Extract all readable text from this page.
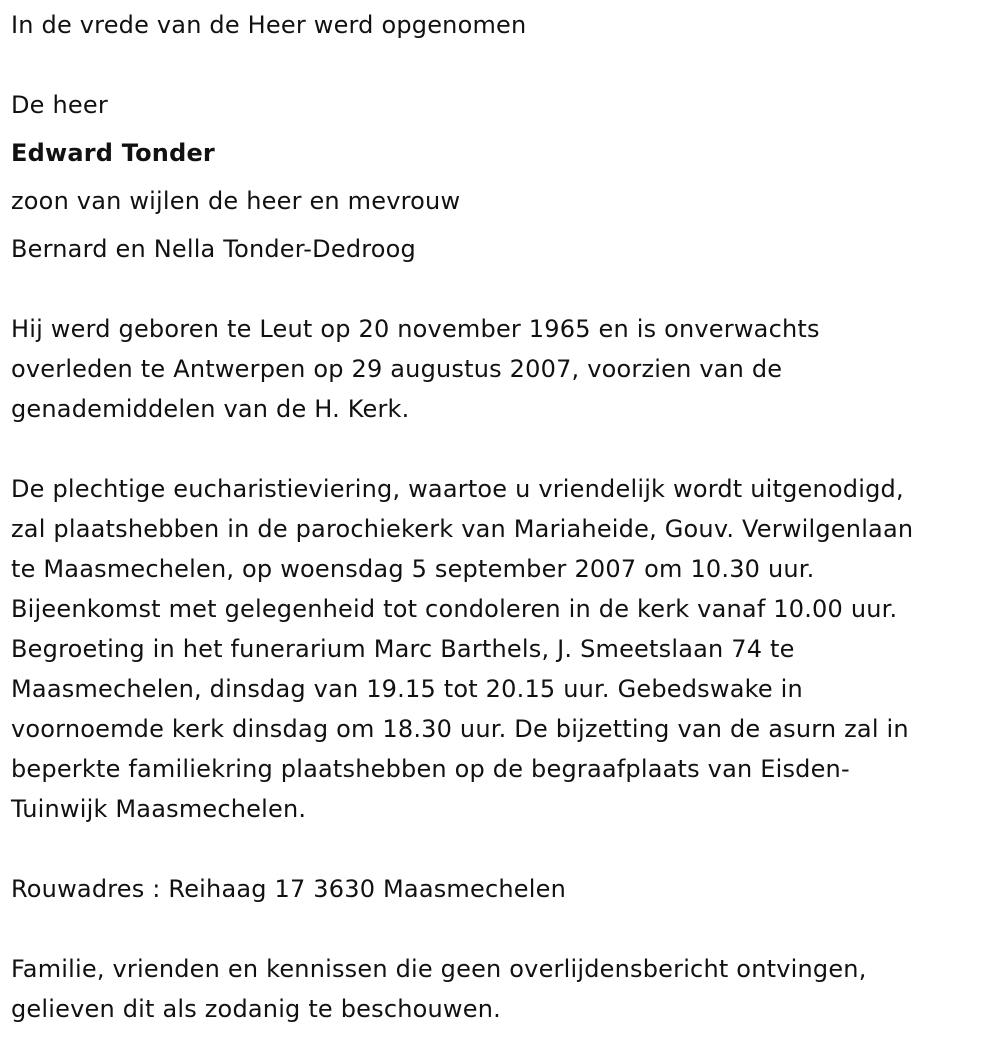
In de vrede van de Heer werd opgenomen
De heer
Edward Tonder
zoon van wijlen de heer en mevrouw
Bernard en Nella Tonder-Dedroog
Hij werd geboren te Leut op 20 november 1965 en is onverwachts
overleden te Antwerpen op 29 augustus 2007, voorzien van de
genademiddelen van de H. Kerk.
De plechtige eucharistieviering, waartoe u vriendelijk wordt uitgenodigd,
zal plaatshebben in de parochiekerk van Mariaheide, Gouv. Verwilgenlaan
te Maasmechelen, op woensdag 5 september 2007 om 10.30 uur.
Bijeenkomst met gelegenheid tot condoleren in de kerk vanaf 10.00 uur.
Begroeting in het funerarium Marc Barthels, J. Smeetslaan 74 te
Maasmechelen, dinsdag van 19.15 tot 20.15 uur. Gebedswake in
voornoemde kerk dinsdag om 18.30 uur. De bijzetting van de asurn zal in
beperkte familiekring plaatshebben op de begraafplaats van Eisden-
Tuinwijk Maasmechelen.
Rouwadres : Reihaag 17 3630 Maasmechelen
Familie, vrienden en kennissen die geen overlijdensbericht ontvingen,
gelieven dit als zodanig te beschouwen.
